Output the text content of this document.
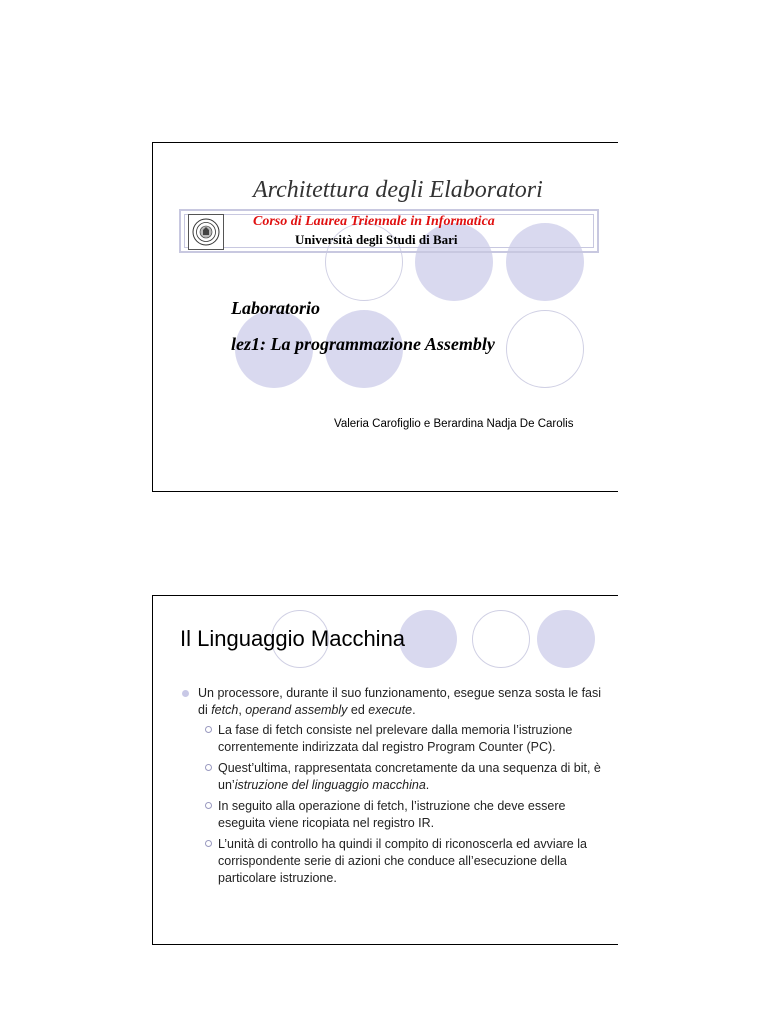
Architettura degli Elaboratori
Corso di Laurea Triennale in Informatica
Università degli Studi di Bari
Laboratorio
lez1: La programmazione Assembly
Valeria Carofiglio e Berardina Nadja De Carolis
Il Linguaggio Macchina
Un processore, durante il suo funzionamento, esegue senza sosta le fasi di fetch, operand assembly ed execute.
La fase di fetch consiste nel prelevare dalla memoria l’istruzione correntemente indirizzata dal registro Program Counter (PC).
Quest’ultima, rappresentata concretamente da una sequenza di bit, è un’istruzione del linguaggio macchina.
In seguito alla operazione di fetch, l’istruzione che deve essere eseguita viene ricopiata nel registro IR.
L’unità di controllo ha quindi il compito di riconoscerla ed avviare la corrispondente serie di azioni che conduce all’esecuzione della particolare istruzione.
